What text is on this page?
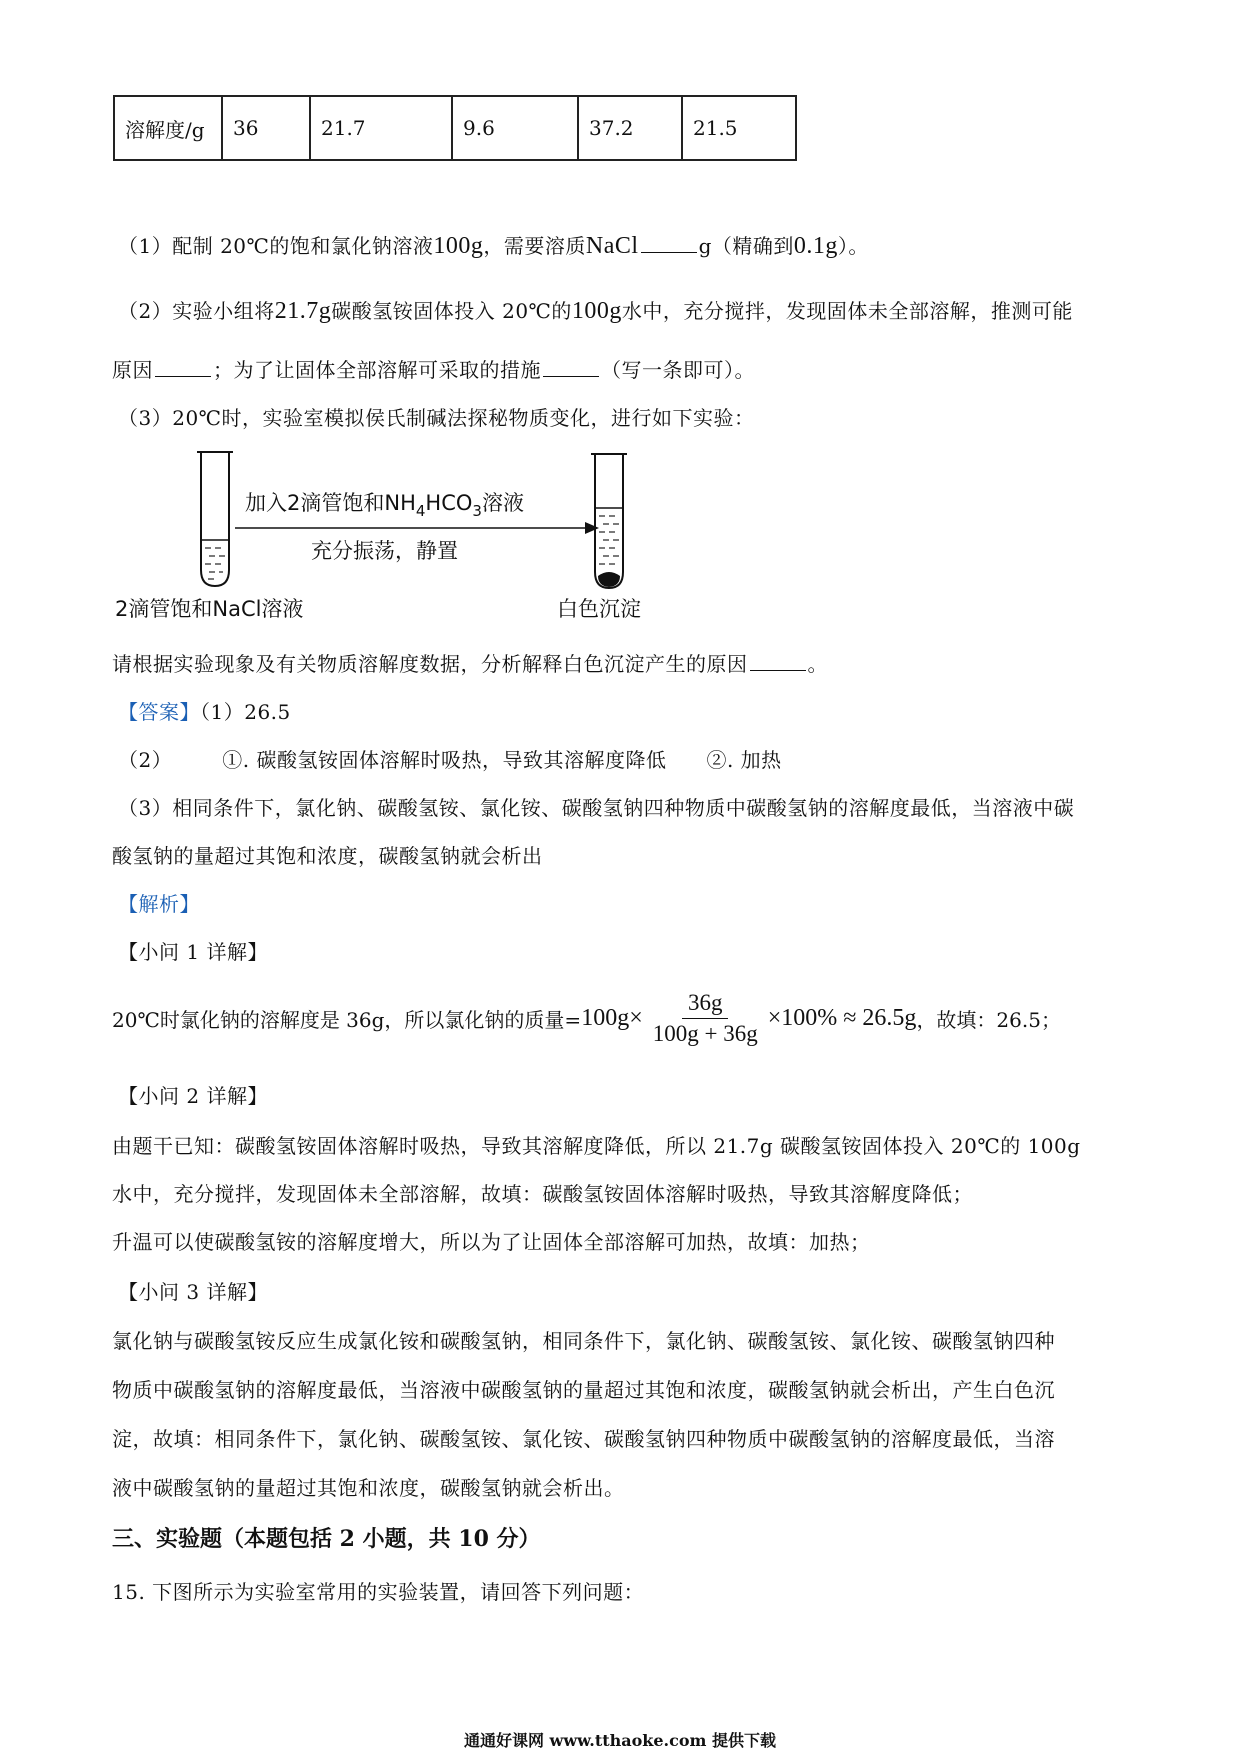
溶解度/g	36	21.7	9.6	37.2	21.5
（1）配制 20℃的饱和氯化钠溶液100g，需要溶质NaCl	g（精确到0.1g）。
（2）实验小组将21.7g碳酸氢铵固体投入 20℃的100g水中，充分搅拌，发现固体未全部溶解，推测可能
原因	；为了让固体全部溶解可采取的措施	（写一条即可）。
（3）20℃时，实验室模拟侯氏制碱法探秘物质变化，进行如下实验：
加入2滴管饱和$NH_4HCO_3$溶液
充分振荡，静置
2滴管饱和NaCl溶液	白色沉淀
请根据实验现象及有关物质溶解度数据，分析解释白色沉淀产生的原因	。
【答案】（1）26.5
（2）	①. 碳酸氢铵固体溶解时吸热，导致其溶解度降低 ②. 加热
（3）相同条件下，氯化钠、碳酸氢铵、氯化铵、碳酸氢钠四种物质中碳酸氢钠的溶解度最低，当溶液中碳
酸氢钠的量超过其饱和浓度，碳酸氢钠就会析出
【解析】
【小问 1 详解】
20℃时氯化钠的溶解度是 36g，所以氯化钠的质量= $100g\times \frac{36g}{100g + 36g} \times 100\% \approx 26.5g$ ，故填：26.5；
【小问 2 详解】
由题干已知：碳酸氢铵固体溶解时吸热，导致其溶解度降低，所以 21.7g 碳酸氢铵固体投入 20℃的 100g
水中，充分搅拌，发现固体未全部溶解，故填：碳酸氢铵固体溶解时吸热，导致其溶解度降低；
升温可以使碳酸氢铵的溶解度增大，所以为了让固体全部溶解可加热，故填：加热；
【小问 3 详解】
氯化钠与碳酸氢铵反应生成氯化铵和碳酸氢钠，相同条件下，氯化钠、碳酸氢铵、氯化铵、碳酸氢钠四种
物质中碳酸氢钠的溶解度最低，当溶液中碳酸氢钠的量超过其饱和浓度，碳酸氢钠就会析出，产生白色沉
淀，故填：相同条件下，氯化钠、碳酸氢铵、氯化铵、碳酸氢钠四种物质中碳酸氢钠的溶解度最低，当溶
液中碳酸氢钠的量超过其饱和浓度，碳酸氢钠就会析出。
三、实验题（本题包括 2 小题，共 10 分）
15. 下图所示为实验室常用的实验装置，请回答下列问题：
通通好课网 www.tthaoke.com 提供下载
